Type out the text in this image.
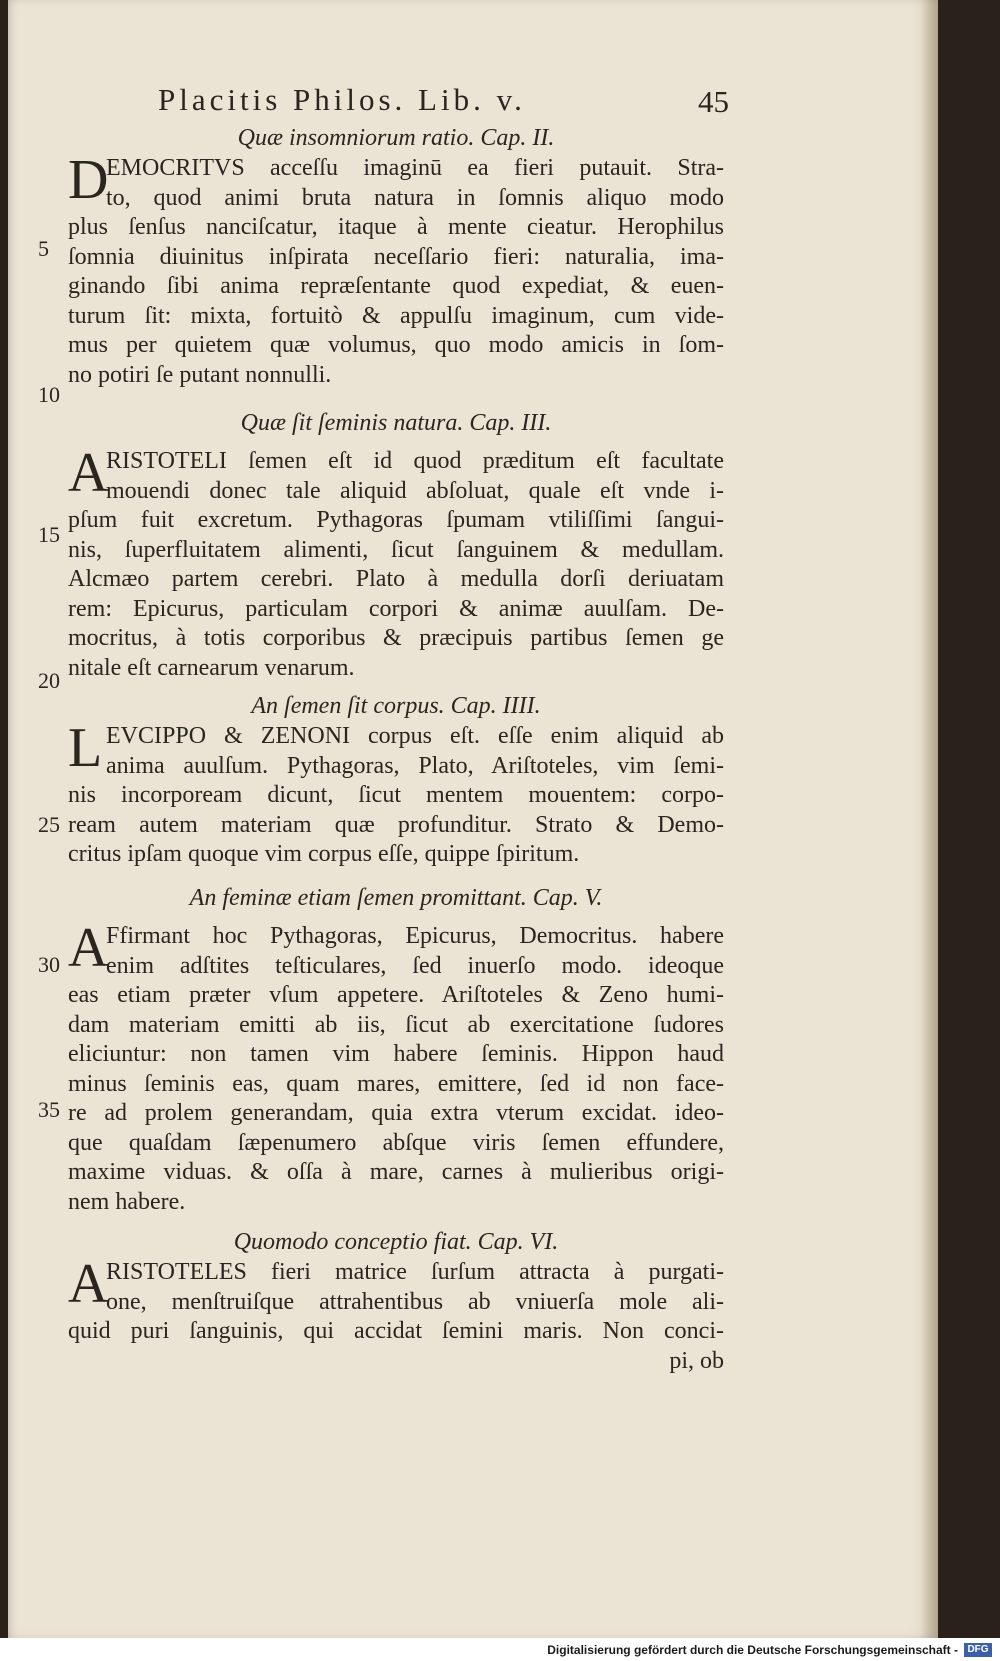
Placitis Philos. Lib. v.	45
5
10
15
20
25
30
35
Quæ insomniorum ratio. Cap. II.
D
EMOCRITVS acceſſu imaginū ea fieri putauit. Stra-
to, quod animi bruta natura in ſomnis aliquo modo
plus ſenſus nanciſcatur, itaque à mente cieatur. Herophilus
ſomnia diuinitus inſpirata neceſſario fieri: naturalia, ima-
ginando ſibi anima repræſentante quod expediat, & euen-
turum ſit: mixta, fortuitò & appulſu imaginum, cum vide-
mus per quietem quæ volumus, quo modo amicis in ſom-
no potiri ſe putant nonnulli.
Quæ ſit ſeminis natura. Cap. III.
A
RISTOTELI ſemen eſt id quod præditum eſt facultate
mouendi donec tale aliquid abſoluat, quale eſt vnde i-
pſum fuit excretum. Pythagoras ſpumam vtiliſſimi ſangui-
nis, ſuperfluitatem alimenti, ſicut ſanguinem & medullam.
Alcmæo partem cerebri. Plato à medulla dorſi deriuatam
rem: Epicurus, particulam corpori & animæ auulſam. De-
mocritus, à totis corporibus & præcipuis partibus ſemen ge
nitale eſt carnearum venarum.
An ſemen ſit corpus. Cap. IIII.
L EVCIPPO & ZENONI corpus eſt. eſſe enim aliquid ab
anima auulſum. Pythagoras, Plato, Ariſtoteles, vim ſemi-
nis incorpoream dicunt, ſicut mentem mouentem: corpo-
ream autem materiam quæ profunditur. Strato & Demo-
critus ipſam quoque vim corpus eſſe, quippe ſpiritum.
An feminæ etiam ſemen promittant. Cap. V.
A
Ffirmant hoc Pythagoras, Epicurus, Democritus. habere
enim adſtites teſticulares, ſed inuerſo modo. ideoque
eas etiam præter vſum appetere. Ariſtoteles & Zeno humi-
dam materiam emitti ab iis, ſicut ab exercitatione ſudores
eliciuntur: non tamen vim habere ſeminis. Hippon haud
minus ſeminis eas, quam mares, emittere, ſed id non face-
re ad prolem generandam, quia extra vterum excidat. ideo-
que quaſdam ſæpenumero abſque viris ſemen effundere,
maxime viduas. & oſſa à mare, carnes à mulieribus origi-
nem habere.
Quomodo conceptio fiat. Cap. VI.
A
RISTOTELES fieri matrice ſurſum attracta à purgati-
one, menſtruiſque attrahentibus ab vniuerſa mole ali-
quid puri ſanguinis, qui accidat ſemini maris. Non conci-
pi, ob
Digitalisierung gefördert durch die Deutsche Forschungsgemeinschaft - DFG
